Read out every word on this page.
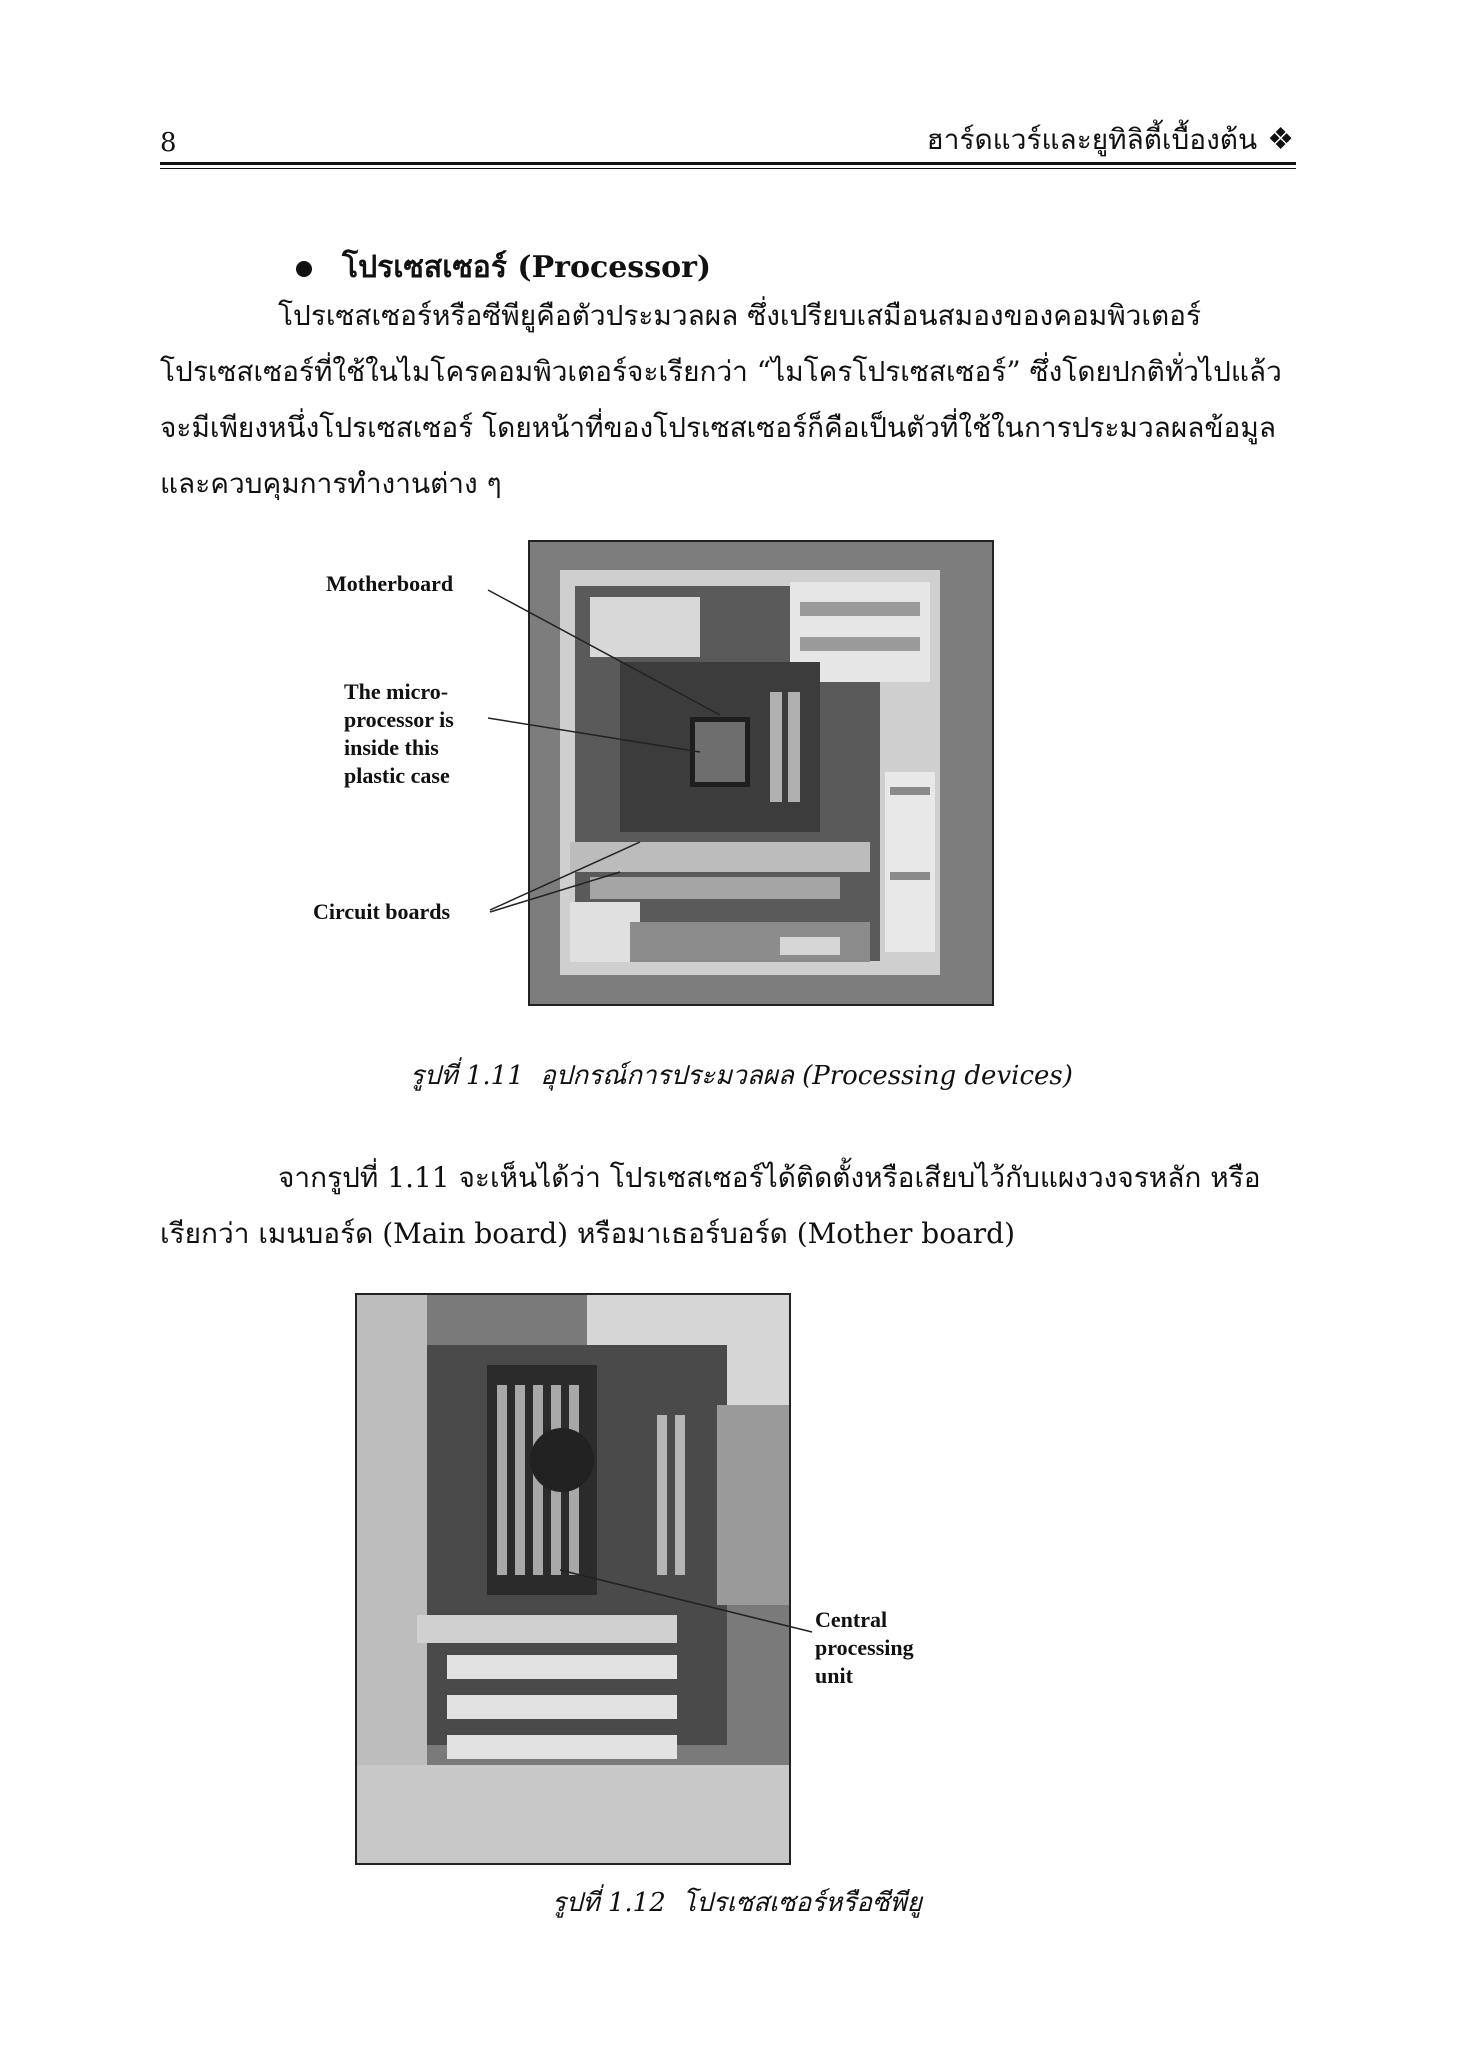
8	ฮาร์ดแวร์และยูทิลิตี้เบื้องต้น ❖
โปรเซสเซอร์ (Processor)
โปรเซสเซอร์หรือซีพียูคือตัวประมวลผล ซึ่งเปรียบเสมือนสมองของคอมพิวเตอร์
โปรเซสเซอร์ที่ใช้ในไมโครคอมพิวเตอร์จะเรียกว่า “ไมโครโปรเซสเซอร์” ซึ่งโดยปกติทั่วไปแล้ว
จะมีเพียงหนึ่งโปรเซสเซอร์ โดยหน้าที่ของโปรเซสเซอร์ก็คือเป็นตัวที่ใช้ในการประมวลผลข้อมูล
และควบคุมการทำงานต่าง ๆ
Motherboard
The micro-
processor is
inside this
plastic case
Circuit boards
รูปที่ 1.11 อุปกรณ์การประมวลผล (Processing devices)
จากรูปที่ 1.11 จะเห็นได้ว่า โปรเซสเซอร์ได้ติดตั้งหรือเสียบไว้กับแผงวงจรหลัก หรือ
เรียกว่า เมนบอร์ด (Main board) หรือมาเธอร์บอร์ด (Mother board)
Central
processing
unit
รูปที่ 1.12 โปรเซสเซอร์หรือซีพียู
